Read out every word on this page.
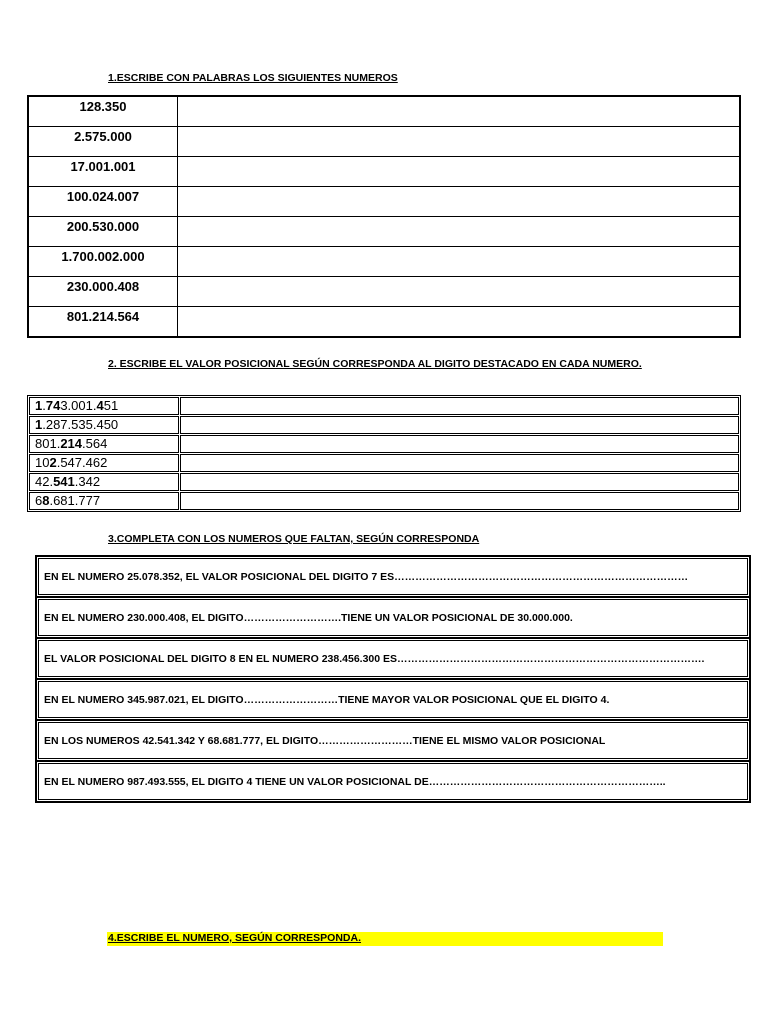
1.ESCRIBE CON PALABRAS LOS SIGUIENTES NUMEROS
128.350	
2.575.000	
17.001.001	
100.024.007	
200.530.000	
1.700.002.000	
230.000.408	
801.214.564	
2. ESCRIBE EL VALOR POSICIONAL SEGÚN CORRESPONDA AL DIGITO DESTACADO EN CADA NUMERO.
1.743.001.451	
1.287.535.450	
801.214.564	
102.547.462	
42.541.342	
68.681.777	
3.COMPLETA CON LOS NUMEROS QUE FALTAN, SEGÚN CORRESPONDA
EN EL NUMERO 25.078.352, EL VALOR POSICIONAL DEL DIGITO 7 ES…………………………………………………………………………
EN EL NUMERO 230.000.408, EL DIGITO……………………….TIENE UN VALOR POSICIONAL DE 30.000.000.
EL VALOR POSICIONAL DEL DIGITO 8 EN EL NUMERO 238.456.300 ES…………………………………………………………………………….
EN EL NUMERO 345.987.021, EL DIGITO………………………TIENE MAYOR VALOR POSICIONAL QUE EL DIGITO 4.
EN LOS NUMEROS 42.541.342 Y 68.681.777, EL DIGITO………………………TIENE EL MISMO VALOR POSICIONAL
EN EL NUMERO 987.493.555, EL DIGITO 4 TIENE UN VALOR POSICIONAL DE…………………………………………………………..
4.ESCRIBE EL NUMERO, SEGÚN CORRESPONDA.
